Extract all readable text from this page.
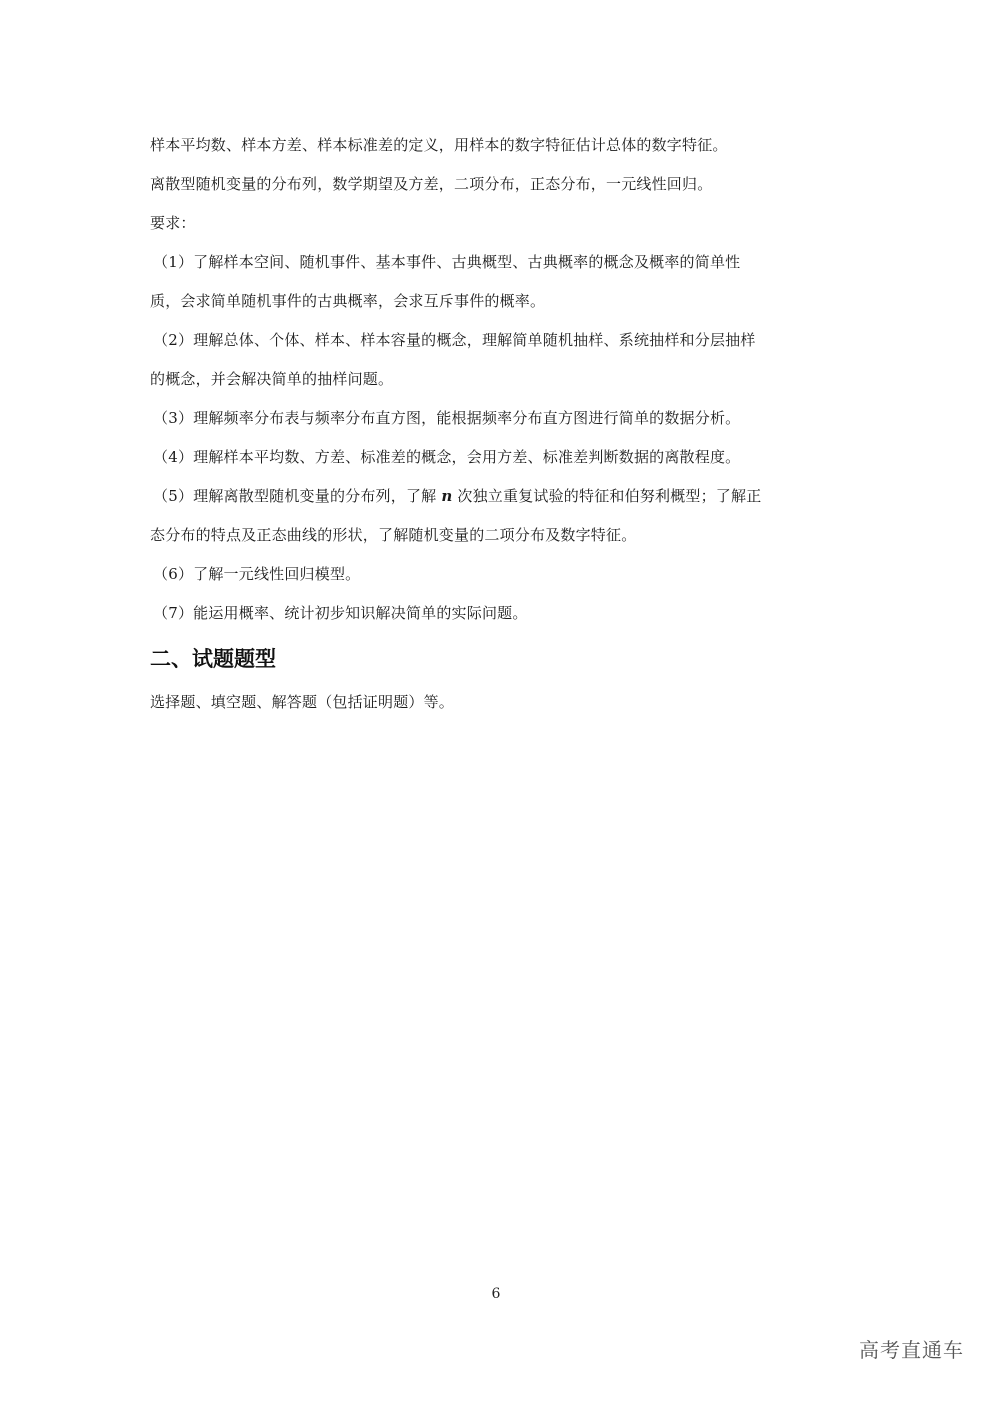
样本平均数、样本方差、样本标准差的定义，用样本的数字特征估计总体的数字特征。

离散型随机变量的分布列，数学期望及方差，二项分布，正态分布，一元线性回归。

要求：

（1）了解样本空间、随机事件、基本事件、古典概型、古典概率的概念及概率的简单性

质，会求简单随机事件的古典概率，会求互斥事件的概率。

（2）理解总体、个体、样本、样本容量的概念，理解简单随机抽样、系统抽样和分层抽样

的概念，并会解决简单的抽样问题。

（3）理解频率分布表与频率分布直方图，能根据频率分布直方图进行简单的数据分析。

（4）理解样本平均数、方差、标准差的概念，会用方差、标准差判断数据的离散程度。

（5）理解离散型随机变量的分布列，了解 n 次独立重复试验的特征和伯努利概型；了解正

态分布的特点及正态曲线的形状，了解随机变量的二项分布及数字特征。

（6）了解一元线性回归模型。

（7）能运用概率、统计初步知识解决简单的实际问题。

二、试题题型

选择题、填空题、解答题（包括证明题）等。

6
高考直通车
